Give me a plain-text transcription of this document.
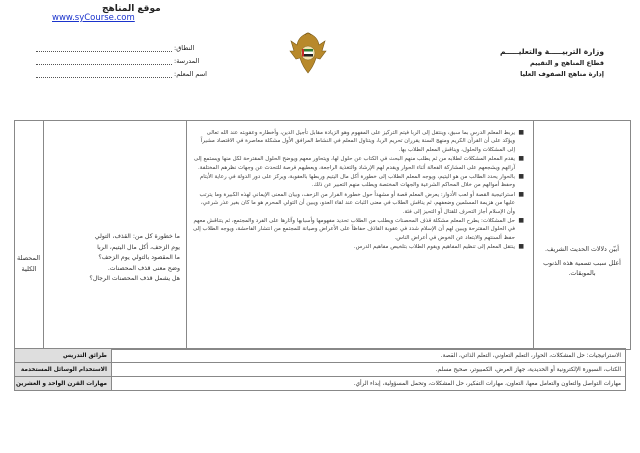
موقع المناهج
www.syCourse.com
النطاق:
المدرسة:
اسم المعلم:
وزارة التربيـــــة والتعليـــــم
قطاع المناهج و التقييم
إدارة مناهج الصفوف العليا
المحصلة الكلية

ما خطورة كل من: القذف، التولي
يوم الزحف، أكل مال اليتيم، الربا
ما المقصود بالتولي يوم الزحف؟
وضح معنى قذف المحصنات.
هل يشمل قذف المحصنات الرجال؟

■
يربط المعلم الدرس بما سبق، وينتقل إلى الربا فيتم التركيز على المفهوم وهو الزيادة مقابل تأجيل الدين، وأخطاره وعقوبته عند الله تعالى ويؤكد على أن القرآن الكريم ومنهج السنة يقرران تحريم الربا، ويتناول المعلم في النشاط المرافق الأول مشكلة معاصرة في الاقتصاد مشيراً إلى المشكلات والحلول، ويناقش المعلم الطلاب بها.
■
يقدم المعلم المشكلات لطلابه من ثم يطلب منهم البحث في الكتاب عن حلول لها، ويتحاور معهم ويوضح الحلول المقترحة لكل منها ويستمع إلى آرائهم ويشجعهم على المشاركة الفعالة أثناء الحوار ويقدم لهم الإرشاد والتغذية الراجعة، ويعطيهم فرصة للتحدث عن وجهات نظرهم المختلفة.
■
بالحوار يحدد الطالب من هو اليتيم، ويوجه المعلم الطلاب إلى خطورة أكل مال اليتيم وربطها بالعقوبة، ويركز على دور الدولة في رعاية الأيتام وحفظ أموالهم من خلال المحاكم الشرعية والجهات المختصة ويطلب منهم التعبير عن ذلك.
■
استراتيجية القصة أو لعب الأدوار: يعرض المعلم قصة أو مشهداً حول خطورة الفرار من الزحف، وبيان المعنى الإيماني لهذه الكبيرة وما يترتب عليها من هزيمة المسلمين وضعفهم، ثم يناقش الطلاب في معنى الثبات عند لقاء العدو، ويبين أن التولي المحرم هو ما كان بغير عذر شرعي، وأن الإسلام أجاز التحرف للقتال أو التحيز إلى فئة.
■
حل المشكلات: يطرح المعلم مشكلة قذف المحصنات ويطلب من الطلاب تحديد مفهومها وأسبابها وآثارها على الفرد والمجتمع، ثم يتناقش معهم في الحلول المقترحة ويبين لهم أن الإسلام شدد في عقوبة القاذف حفاظاً على الأعراض وصيانة للمجتمع من انتشار الفاحشة، ويوجه الطلاب إلى حفظ ألسنتهم والابتعاد عن الخوض في أعراض الناس.
■
ينتقل المعلم إلى تنظيم المفاهيم ويقوم الطلاب بتلخيص مفاهيم الدرس.	أبيّن دلالات الحديث الشريف.
أعلل سبب تسمية هذه الذنوب بالموبقات.
طرائق التدريس	الاستراتيجيات: حل المشكلات، الحوار، التعلم التعاوني، التعلم الذاتي، القصة.
الاستخدام الوسائل المستخدمة	الكتاب، السبورة الإلكترونية أو الحديدية، جهاز العرض، الكمبيوتر، صحيح مسلم.
مهارات القرن الواحد و العشرين	مهارات التواصل والتعاون والتعامل معها، التعاون، مهارات التفكير، حل المشكلات، وتحمل المسؤولية، إبداء الرأي.
